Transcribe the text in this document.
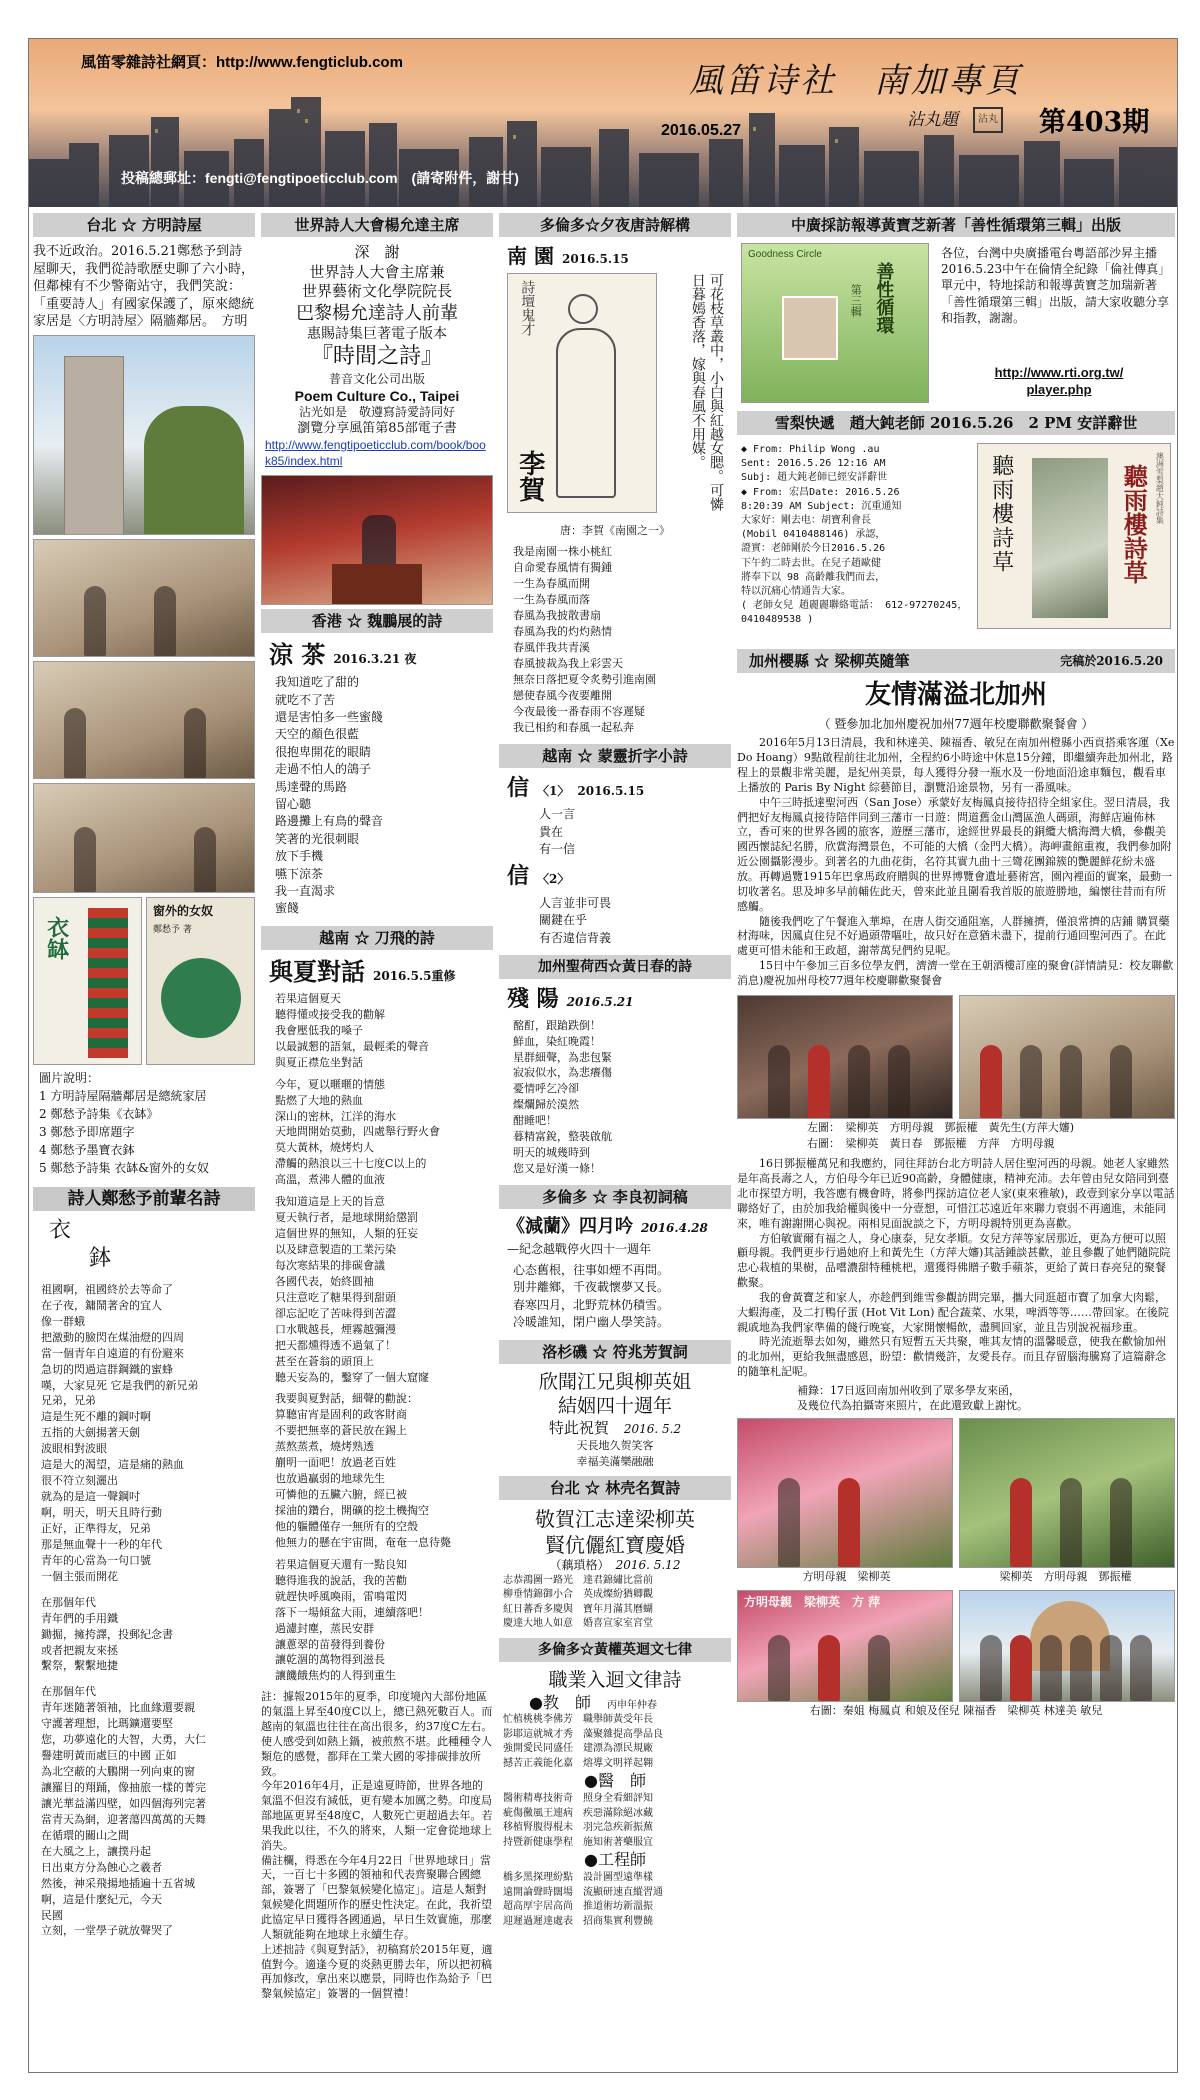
風笛零雜詩社網頁：http://www.fengticlub.com	風笛诗社　南加專頁
2016.05.27
沾丸題	沾丸 第403期
投稿總郵址：fengti@fengtipoeticclub.com　(請寄附件，謝甘)
台北 ☆ 方明詩屋

我不近政治。2016.5.21鄭愁予到詩屋聊天，我們從詩歌歷史聊了六小時，但鄰棟有不少警衛站守，我們笑說：「重要詩人」有國家保護了，原來總統家居是〈方明詩屋〉隔牆鄰居。　方明

衣缽
窗外的女奴
鄭愁予 著
圖片說明：
1 方明詩屋隔牆鄰居是總統家居
2 鄭愁予詩集《衣缽》
3 鄭愁予即席題字
4 鄭愁予墨寶衣鉢
5 鄭愁予詩集 衣缽&窗外的女奴
詩人鄭愁予前輩名詩
衣
鉢
祖國啊，祖國終於去等命了
在子夜，鏞鬧著舍的宜人
像一群蛾
把激動的臉閃在煤油燈的四周
當一個青年自遠道的有份避來
急切的閃過這群鋼鐵的蜜蜂
嘆，大家見死 它是我們的新兄弟
兄弟，兄弟
這是生死不離的鋼吋啊
五指的大劍揚著天劍
波眼相對波眼
這是大的渴望，這是痛的熱血
很不符立刻灑出
就為的是這一聲鋼吋
啊，明天，明天且時行動
正好，正準得友，兄弟
那是無血聲十一秒的年代
青年的心當為一句口號
一個主張而開花
在那個年代
青年們的手用鐵
鋤掘，擁挎譯，投郵紀念書
或者把親友來拯
繫祭，繫繫地捷
在那個年代
青年迷隨著領袖，比血緣還要親
守護著理想，比瑪鑛還要堅
您，功夢遠化的大智，大勇，大仁
譽建明黃而處巨的中國 正如
為北空蔽的大鵬開一列向東的窗
讓羅目的翔踊，像抽旅一樣的菁完
讓光華益滿四壁，如四個海列完著
當青天為網，迎著蕩四萬萬的天舞
在循環的關山之間
在大風之上，讓撲丹起
日出東方分為蝕心之羲者
然後，神采飛揚地插遍十五省城
啊，這是什麼紀元，今天
民國
立刻，一堂學子就放聲哭了
世界詩人大會楊允達主席
深　謝
世界詩人大會主席兼
世界藝術文化學院院長
巴黎楊允達詩人前輩
惠賜詩集巨著電子版本
『時間之詩』
普音文化公司出版
Poem Culture Co., Taipei
沾光如是　敬遵寫詩愛詩同好
瀏覽分享風笛第85部電子書
http://www.fengtipoeticclub.com/book/book85/index.html
香港 ☆ 魏鵬展的詩
涼 茶 2016.3.21 夜
我知道吃了甜的
就吃不了苦
還是害怕多一些蜜餞
天空的顏色很藍
很抱卑開花的眼睛
走過不怕人的鴿子
馬達聲的馬路
留心聽
路邊攤上有鳥的聲音
笑著的光很刺眼
放下手機
嚥下涼茶
我一直渴求
蜜餞
越南 ☆ 刀飛的詩
與夏對話 2016.5.5重修
若果這個夏天
聽得懂或接受我的勸解
我會壓低我的嗓子
以最誠懇的語氣，最輕柔的聲音
與夏正襟危坐對話
今年，夏以暱暱的情態
點燃了大地的熱血
深山的密林，江洋的海水
天地問開始莫動，四處舉行野火會
莫大黃林，燒烤灼人
滯觸的熱浪以三十七度C以上的
高溫，煮沸人體的血液
我知道這是上天的旨意
夏天執行者，是地球開給懲罰
這個世界的無知，人類的狂妄
以及肆意製造的工業污染
每次寒結果的排碳會議
各國代表，始終圓袖
只注意吃了糖果得到甜頭
卻忘記吃了苦味得到苦澀
口水戰越長，煙霧越彌漫
把天都燻得透不過氣了！
甚至在蒼翁的頭頂上
聽天妄為的，鑿穿了一個大窟窿
我要與夏對話，細聲的勸說：
算聽宙宵是固利的政客財商
不要把無辜的蒼民放在錫上
蒸熬蒸煮，燒烤熟透
蒯明一面吧！放過老百姓
也放過贏弱的地球先生
可憐他的五臟六腑，經已被
採油的鑽台，開礦的挖土機掏空
他的軀體僅存一無所有的空殼
他無力的懸在宇宙間，奄奄一息待斃
若果這個夏天還有一點良知
聽得進我的說話，我的苦勸
就趕快呼風喚雨，雷鳴電閃
落下一場傾盆大雨，連續落吧！
過濾封塵，蒸民安群
讓蔥翠的苗發得到養份
讓乾涸的萬物得到滋長
讓饑餓焦灼的人得到重生
註：據報2015年的夏季，印度境內大部份地區的氣溫上昇至40度C以上，總已熱死數百人。而越南的氣溫也往往在高出很多，約37度C左右。使人感受到如熱上鍋，被煎熬不堪。此種種令人類危的感覺，都拜在工業大國的零排碳排放所致。
今年2016年4月，正是遠夏時節，世界各地的氣溫不但沒有減低，更有變本加厲之勢。印度局部地區更昇至48度C，人數死亡更超過去年。若果我此以往，不久的將來，人類一定會從地球上消失。
備註欄，得悉在今年4月22日「世界地球日」當天，一百七十多國的領袖和代表齊聚聯合國總部，簽署了「巴黎氣候變化協定」。這是人類對氣候變化問題所作的歷史性決定。在此，我祈望此協定早日獲得各國通過，早日生效實施，那麼人類就能夠在地球上永續生存。
上述拙詩《與夏對話》，初稿寫於2015年夏，適值對今。適逢今夏的炎熱更勝去年，所以把初稿再加修改，拿出來以應景，同時也作為給予「巴黎氣候協定」簽署的一個賀禮！
多倫多☆夕夜唐詩解構
南 園 2016.5.15
詩壇鬼才
李賀	可花枝草叢中，小白與紅越女腮。可憐日暮嫣香落，嫁與春風不用媒。
唐：李賀《南園之一》
我是南園一株小桃紅
自命愛春風情有獨鍾
一生為春風而開
一生為春風而落
春風為我披散書扇
春風為我的灼灼熱情
春風伴我共青溪
春風披裁為我上彩雲天
無奈日落把夏令炙勢引進南園
戀使春風今夜要離開
今夜最後一番春雨不容遲疑
我已相約和春風一起私奔
越南 ☆ 蒙靈折字小詩
信 〈1〉 2016.5.15
人一言
貴在
有一信
信 〈2〉
人言並非可畏
關鍵在乎
有否違信背義
加州聖荷西☆黃日春的詩
殘 陽 2016.5.21
酩酊，跟蹌跌倒！
鮮血，染紅晚霞！
星群細聲，為悲包緊
寂寂似水，為悲癢傷
憂情呼乞冷卻
燦爛歸於漠然
酣睡吧！
暮精富銳，整裝啟航
明天的城幾時到
您又是好漢一條！
多倫多 ☆ 李良初詞稿
《減蘭》四月吟 2016.4.28
—紀念越戰停火四十一週年
心态舊根，往事如煙不再問。
別井離鄉，千夜載懷夢又長。
春寒四月，北野荒林仍積雪。
冷暖誰知，閉户幽人學笑詩。
洛杉磯 ☆ 符兆芳賀詞
欣聞江兄與柳英姐
結姻四十週年
特此祝賀　 2016. 5.2
天長地久贺笑客
幸福美滿樂融融
台北 ☆ 林壳名賀詩
敬賀江志達梁柳英
賢伉儷紅寶慶婚
（藕瑣格）　 2016. 5.12
志恭鴻圖一路光　達君錦繡比當前
柳垂情錦御小合　英成燦紛猶卿觀
紅日蕃香多慶與　寶年月滿其曆蝴
慶達大地人如意　婚喜宣家室宮堂
多倫多☆黃權英迴文七律
職業入迴文律詩
●教　師　 丙申年仲春
忙植桃桃李佛芳　職舉師黃受年長
影耶這就城才秀　藻聚雜提高學品良
強開愛民同盛任　建漂為漂民規廠
撼苦正義能化嘉　熔導文明祥起翱
●醫　師
醫術精專技術奇　照身全看細評知
疵傷黴風王連病　疾惡滿除絕冰藏
移植腎腹得棍未　羽完急疾新振蕪
持暨新健康學程　施知術著藥服宜
●工程師
橋多黑探理紛點　設計圖型遠準樣
遠開論聲時闊場　流顯研速直縱習通
超高厚宇居高尚　推道術坊新溫振
迎遲過遲達處表　招商集實利豐饒
中廣採訪報導黃寶芝新著「善性循環第三輯」出版
Goodness Circle
善性循環
第三輯
各位，台灣中央廣播電台粵語部沙昇主播2016.5.23中午在倫情全紀錄「倫社傳真」單元中，特地採訪和報導黃寶芝加瑞新著「善性循環第三輯」出版，請大家收聽分享和指教，謝謝。
http://www.rti.org.tw/
player.php
雪梨快遞　趙大鈍老師 2016.5.26　2 PM 安詳辭世
◆ From: Philip Wong .au
Sent: 2016.5.26 12:16 AM
Subj: 趙大鈍老師已經安詳辭世
◆ From: 宏昌Date: 2016.5.26
8:20:39 AM Subject: 沉重通知
大家好：剛去电：胡寶利會長
(Mobil 0410488146) 承認，
證實：老師剛於今日2016.5.26
下午約二時去世。在兒子趙歐健
將奉下以 98 高齡離我們而去，
特以沉痛心情通告大家。
( 老師女兒 趙麗麗聯絡電話： 612-97270245， 0410489538 )
聽雨樓詩草	聽雨樓詩草 澳洲雪梨趙大鈍詩集
加州櫻縣 ☆ 梁柳英隨筆	完稿於2016.5.20
友情滿溢北加州
（ 暨參加北加州慶祝加州77週年校慶聯歡聚餐會 ）

2016年5月13日清晨，我和林達美、陳福香、敏兒在南加州橙縣小西貢搭乘客運（Xe Do Hoang）9點啟程前往北加州，全程約6小時途中休息15分鐘，即繼續奔赴加州北，路程上的景觀非常美麗，是紀州美景，每人獲得分發一瓶水及一份地面沿途車麵包，觀看車上播放的 Paris By Night 綜藝節目，瀏覽沿途景物，另有一番風味。

中午三時抵達聖河西（San Jose）承蒙好友梅鳳貞接待招待全組家住。翌日清晨，我們把好友梅鳳貞接待陪伴同到三藩市一日遊：問道舊金山灣區漁人碼頭，海鮮店遍佈林立，香可來的世界各國的旅客，遊歷三藩市，途經世界最長的銅纜大橋海灣大橋，參觀美國西懷誌紀名勝，欣賞海灣景色，不可能的大橋（金門大橋）。海岬畫館重複，我們參加附近公園攝影漫步。到著名的九曲花街，名符其實九曲十三彎花團錦簇的艷麗鮮花紛未盛放。再轉過覽1915年巴拿馬政府贈與的世界博覽會遺址藝術宮，園內裡面的實案，最動一切收著名。思及坤多早前輔佐此天，曾來此並且圍看我首版的旅遊勝地，編懷往昔而有所感觸。

隨後我們吃了午餐進入華埠，在唐人街交通阻塞，人群擁擠，僅浪常擠的店鋪 購買藥材海味，因鳳貞住兒不好過頭帶嘔吐，故只好在意猶未盡下，提前行通回聖河西了。在此處更可惜未能和王政超，謝蒂萬兒們約見呢。

15日中午參加三百多位學友們，濟濟一堂在王朝酒樓訂座的聚會(詳情請見：校友聯歡消息)慶祝加州母校77週年校慶聯歡聚餐會

左圖：　梁柳英　方明母親　鄧振權　黃先生(方萍大嬸)
右圖：　梁柳英　黃日春　鄧振權　方萍　方明母親

16日鄧振權萬兄和我應約，同往拜訪台北方明詩人居住聖河西的母親。她老人家雖然是年高長壽之人，方伯母今年已近90高齡，身體健康，精神充沛。去年曾由兒女陪同到臺北市探望方明，我答應有機會時，將參門探訪這位老人家(東來雅敏)，政壹到家分享以電話聯絡好了，由於加我給權與後中一分壹想，可惜江芯遠近年來聯力衰弱不再適進，未能同來，唯有謝謝開心與祝。兩相見面說談之下，方明母親特別更為喜歡。

方伯敏實爾有福之人，身心康泰，兒女孝順。女兒方萍等家居那近，更為方便可以照顧母親。我們更步行過她府上和黃先生（方萍大嬸)其話鍾談甚歡，並且參觀了她們隨院院忠心栽植的果樹，品嚐濃甜特種桃杷，還獲得佛贈子數手蘋茶，更給了黃日春亮兒的聚餐歡聚。

我的會黃寶芝和家人，亦趁們到維雪參觀訪問完畢，攜大同逛超市寶了加拿大肉鬆，大蝦海產，及二打鴨仔蛋 (Hot Vit Lon) 配合蔬菜、水果，啤酒等等……帶回家。在後院親戚地為我們家準備的餞行晚宴，大家開懷暢飲，盡興回家，並且告別說祝福珍重。

時光流逝舉去如匆，雖然只有短暫五天共聚，唯其友情的溫馨暖意，使我在歡愉加州的北加州，更給我無盡感恩，盼望：歡情幾許，友愛長存。而且存留腦海騰寫了這篇辭念的隨筆札記呢。

補錄：17日返回南加州收到了眾多學友來函，
及幾位代為拍攝寄來照片，在此還致獻上謝忱。
方明母親　梁柳英	梁柳英　方明母親　鄧振權
方明母親　梁柳英　方 萍
右圖：秦姐 梅鳳貞 和娘及侄兒 陳福香　梁柳英 林達美 敏兒
